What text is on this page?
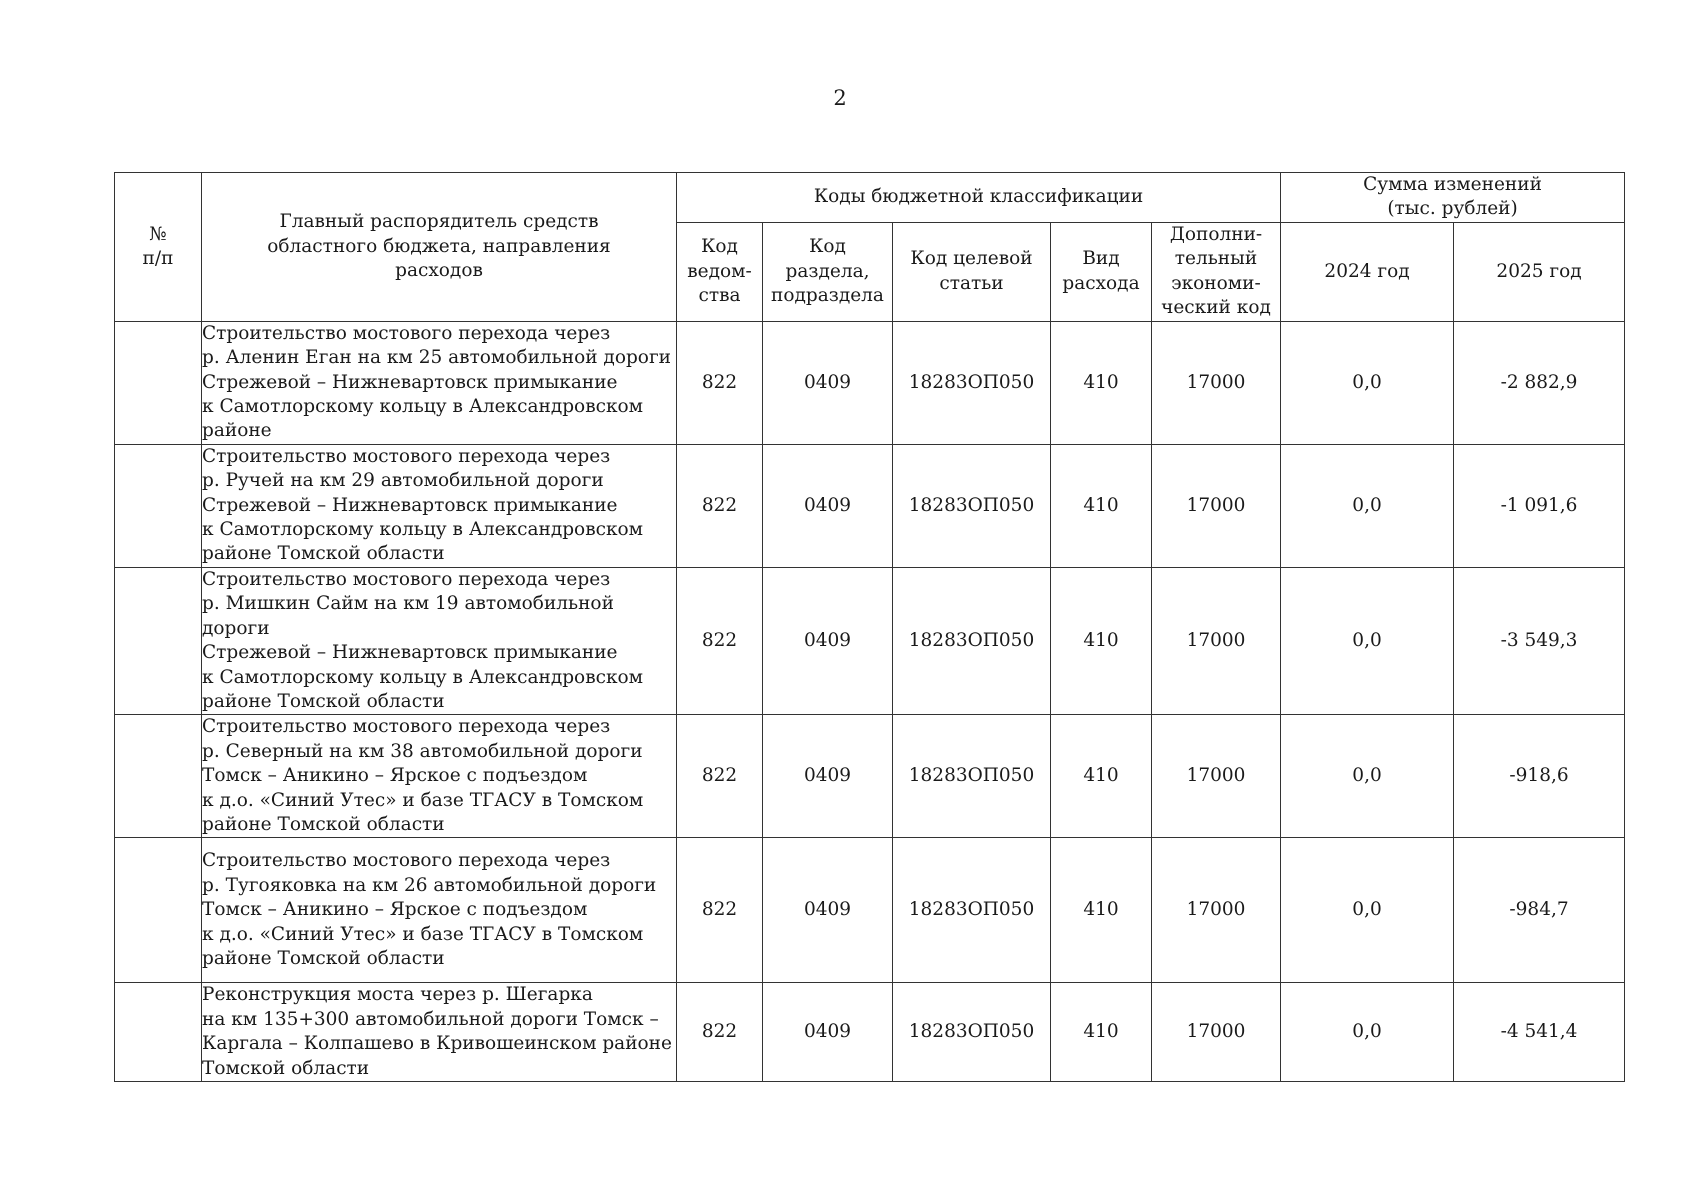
2
№
п/п	Главный распорядитель средств областного бюджета, направления расходов	Коды бюджетной классификации					Сумма изменений
(тыс. рублей)	
		Код
ведом-
ства	Код
раздела,
подраздела	Код целевой
статьи	Вид
расхода	Дополни-
тельный
экономи-
ческий код	2024 год	2025 год

	Строительство мостового перехода через
р. Аленин Еган на км 25 автомобильной дороги
Стрежевой – Нижневартовск примыкание
к Самотлорскому кольцу в Александровском
районе	822	0409	18283ОП050	410	17000	0,0	-2 882,9

	Строительство мостового перехода через
р. Ручей на км 29 автомобильной дороги
Стрежевой – Нижневартовск примыкание
к Самотлорскому кольцу в Александровском
районе Томской области	822	0409	18283ОП050	410	17000	0,0	-1 091,6

	Строительство мостового перехода через
р. Мишкин Сайм на км 19 автомобильной дороги
Стрежевой – Нижневартовск примыкание
к Самотлорскому кольцу в Александровском
районе Томской области	822	0409	18283ОП050	410	17000	0,0	-3 549,3

	Строительство мостового перехода через
р. Северный на км 38 автомобильной дороги
Томск – Аникино – Ярское с подъездом
к д.о. «Синий Утес» и базе ТГАСУ в Томском
районе Томской области	822	0409	18283ОП050	410	17000	0,0	-918,6

	Строительство мостового перехода через
р. Тугояковка на км 26 автомобильной дороги
Томск – Аникино – Ярское с подъездом
к д.о. «Синий Утес» и базе ТГАСУ в Томском
районе Томской области	822	0409	18283ОП050	410	17000	0,0	-984,7

	Реконструкция моста через р. Шегарка
на км 135+300 автомобильной дороги Томск –
Каргала – Колпашево в Кривошеинском районе
Томской области	822	0409	18283ОП050	410	17000	0,0	-4 541,4
